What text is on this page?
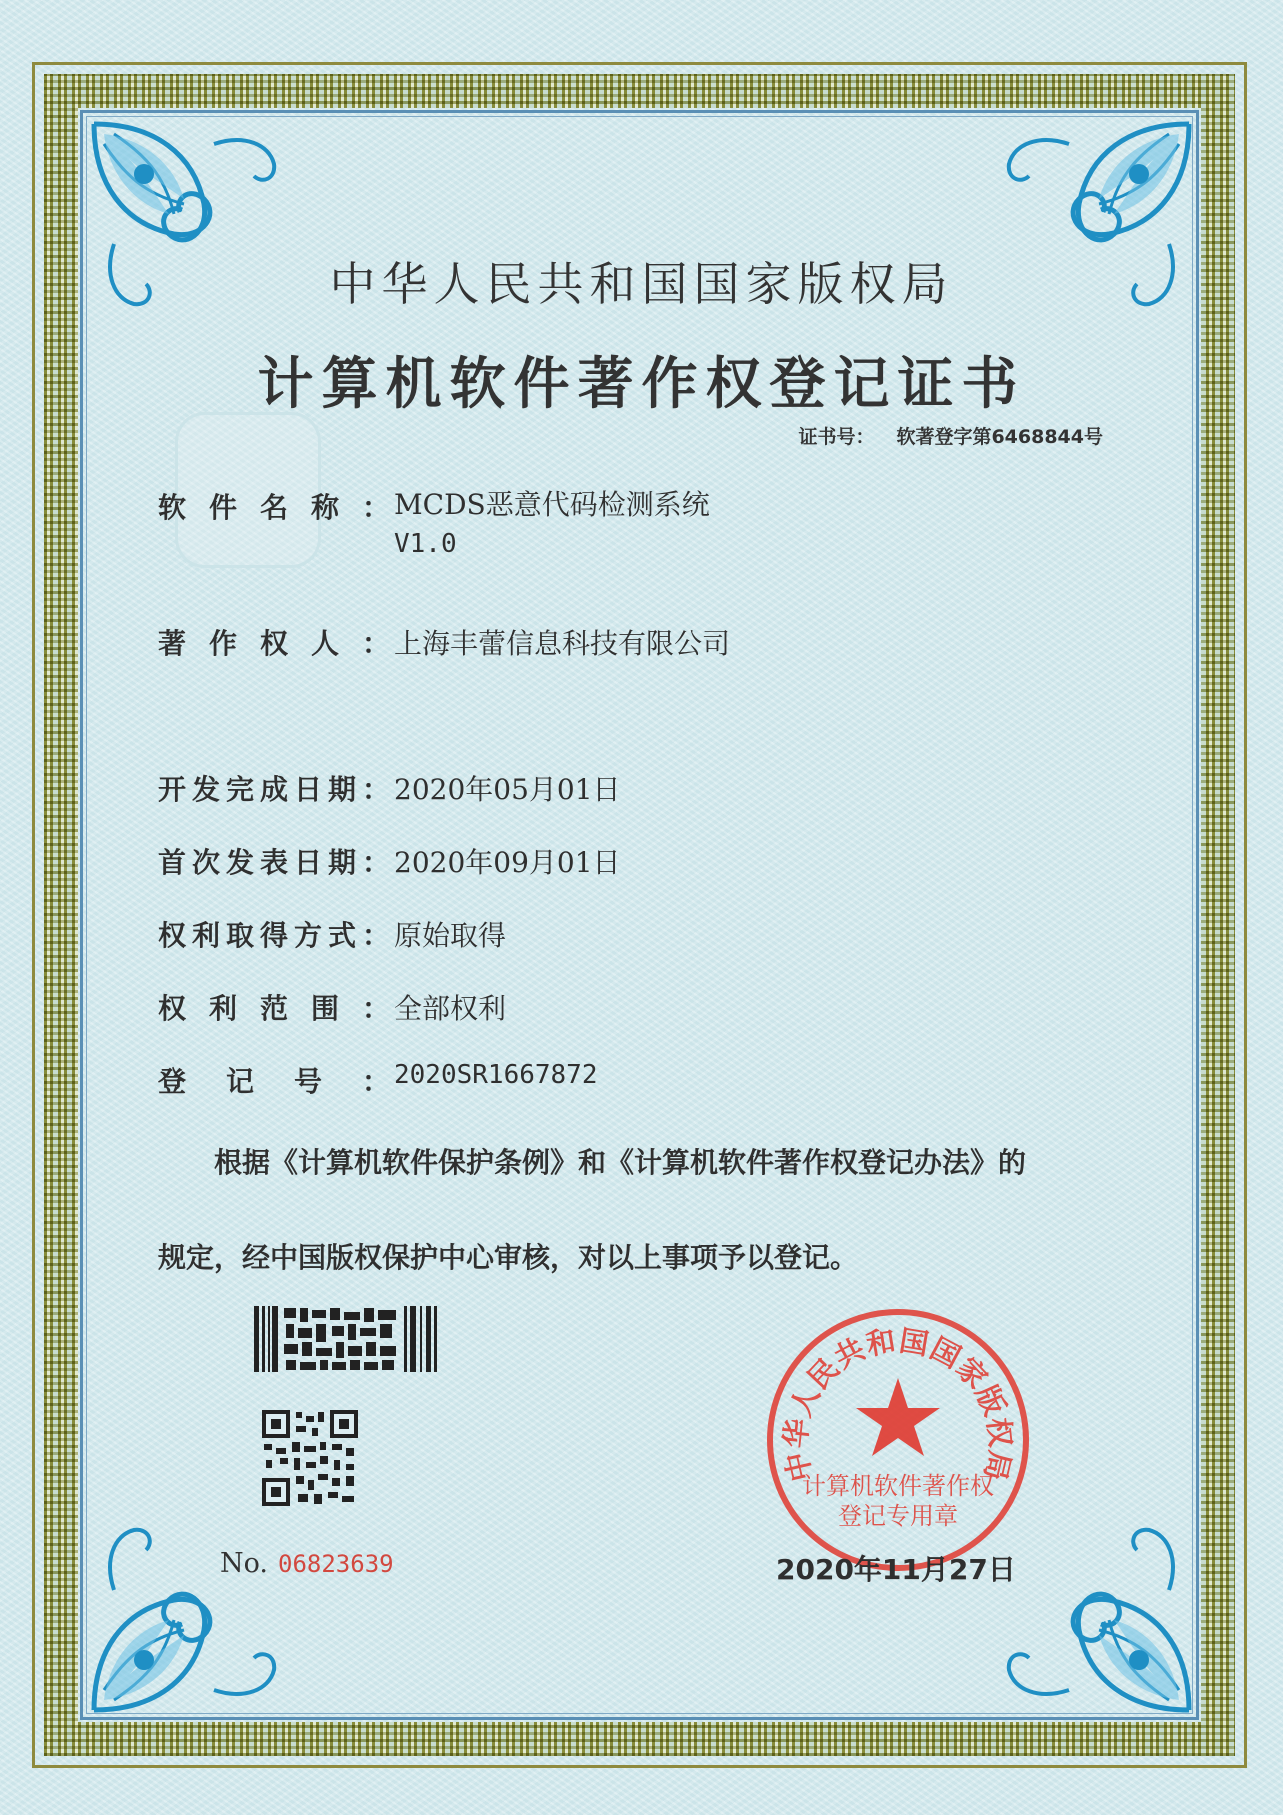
中华人民共和国国家版权局
计算机软件著作权登记证书
证书号： 软著登字第6468844号
软件名称： MCDS恶意代码检测系统
V1.0
著作权人： 上海丰蕾信息科技有限公司
开发完成日期： 2020年05月01日
首次发表日期： 2020年09月01日
权利取得方式： 原始取得
权利范围： 全部权利
登记号： 2020SR1667872
根据《计算机软件保护条例》和《计算机软件著作权登记办法》的
规定，经中国版权保护中心审核，对以上事项予以登记。
No. 06823639
中华人民共和国国家版权局
计算机软件著作权
登记专用章
2020年11月27日
